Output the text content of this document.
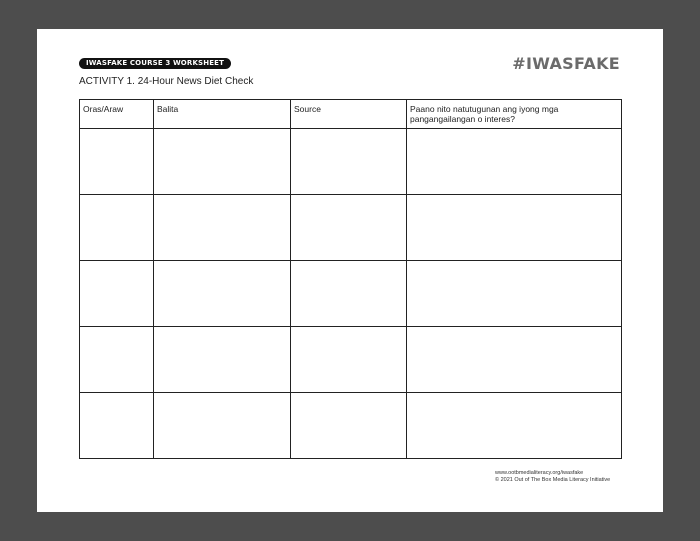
IWASFAKE COURSE 3 WORKSHEET	#IWASFAKE
ACTIVITY 1. 24-Hour News Diet Check
Oras/Araw	Balita	Source	Paano nito natutugunan ang iyong mga pangangailangan o interes?

www.ootbmedialiteracy.org/iwasfake
© 2021 Out of The Box Media Literacy Initiative
